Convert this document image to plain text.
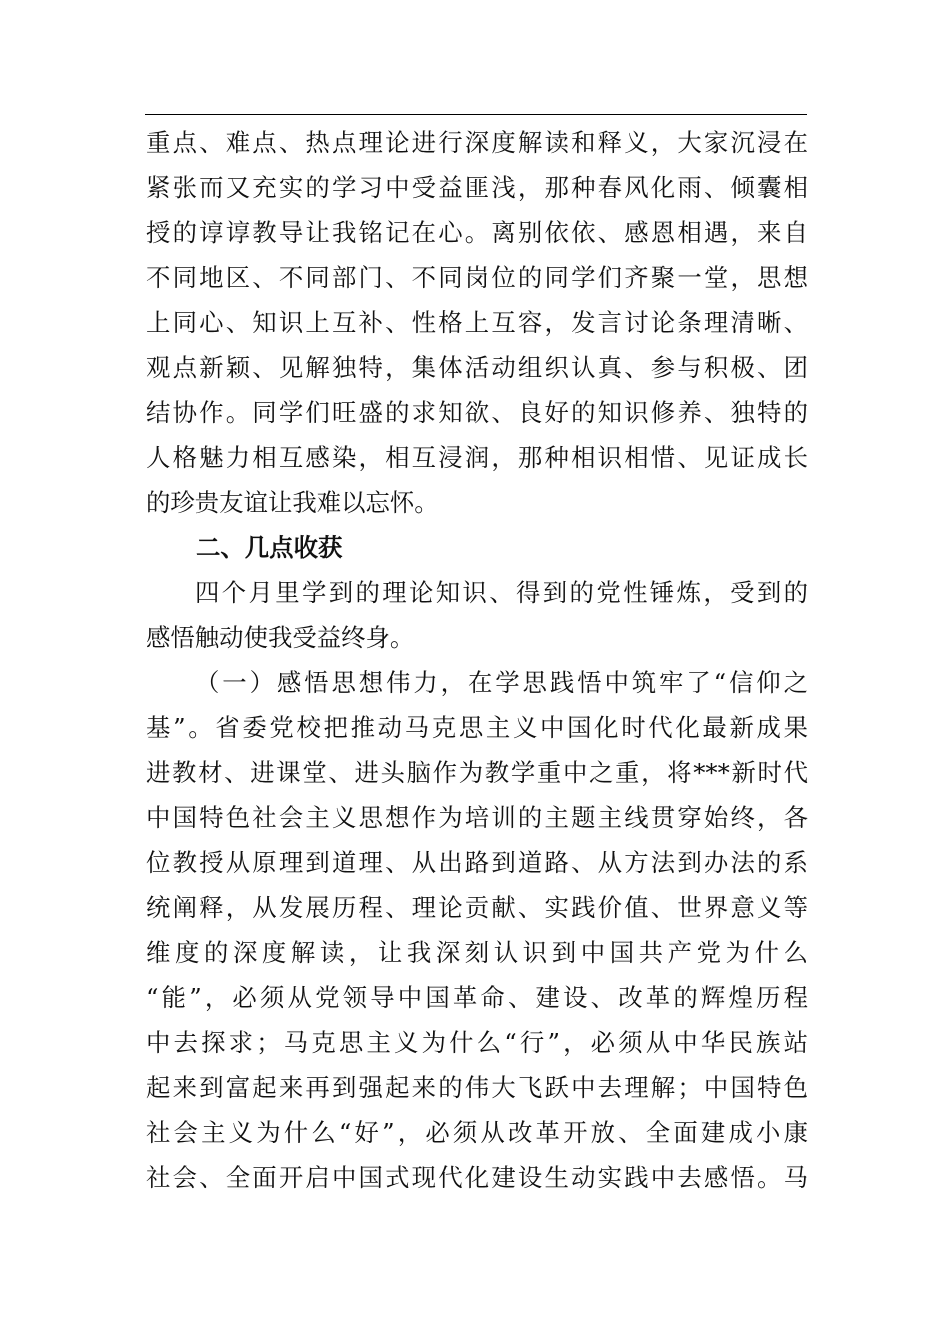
重点、难点、热点理论进行深度解读和释义，大家沉浸在
紧张而又充实的学习中受益匪浅，那种春风化雨、倾囊相
授的谆谆教导让我铭记在心。离别依依、感恩相遇，来自
不同地区、不同部门、不同岗位的同学们齐聚一堂，思想
上同心、知识上互补、性格上互容，发言讨论条理清晰、
观点新颖、见解独特，集体活动组织认真、参与积极、团
结协作。同学们旺盛的求知欲、良好的知识修养、独特的
人格魅力相互感染，相互浸润，那种相识相惜、见证成长
的珍贵友谊让我难以忘怀。
二、几点收获
四个月里学到的理论知识、得到的党性锤炼，受到的
感悟触动使我受益终身。
（一）感悟思想伟力，在学思践悟中筑牢了“信仰之
基”。省委党校把推动马克思主义中国化时代化最新成果
进教材、进课堂、进头脑作为教学重中之重，将***新时代
中国特色社会主义思想作为培训的主题主线贯穿始终，各
位教授从原理到道理、从出路到道路、从方法到办法的系
统阐释，从发展历程、理论贡献、实践价值、世界意义等
维度的深度解读，让我深刻认识到中国共产党为什么
“能”，必须从党领导中国革命、建设、改革的辉煌历程
中去探求；马克思主义为什么“行”，必须从中华民族站
起来到富起来再到强起来的伟大飞跃中去理解；中国特色
社会主义为什么“好”，必须从改革开放、全面建成小康
社会、全面开启中国式现代化建设生动实践中去感悟。马
